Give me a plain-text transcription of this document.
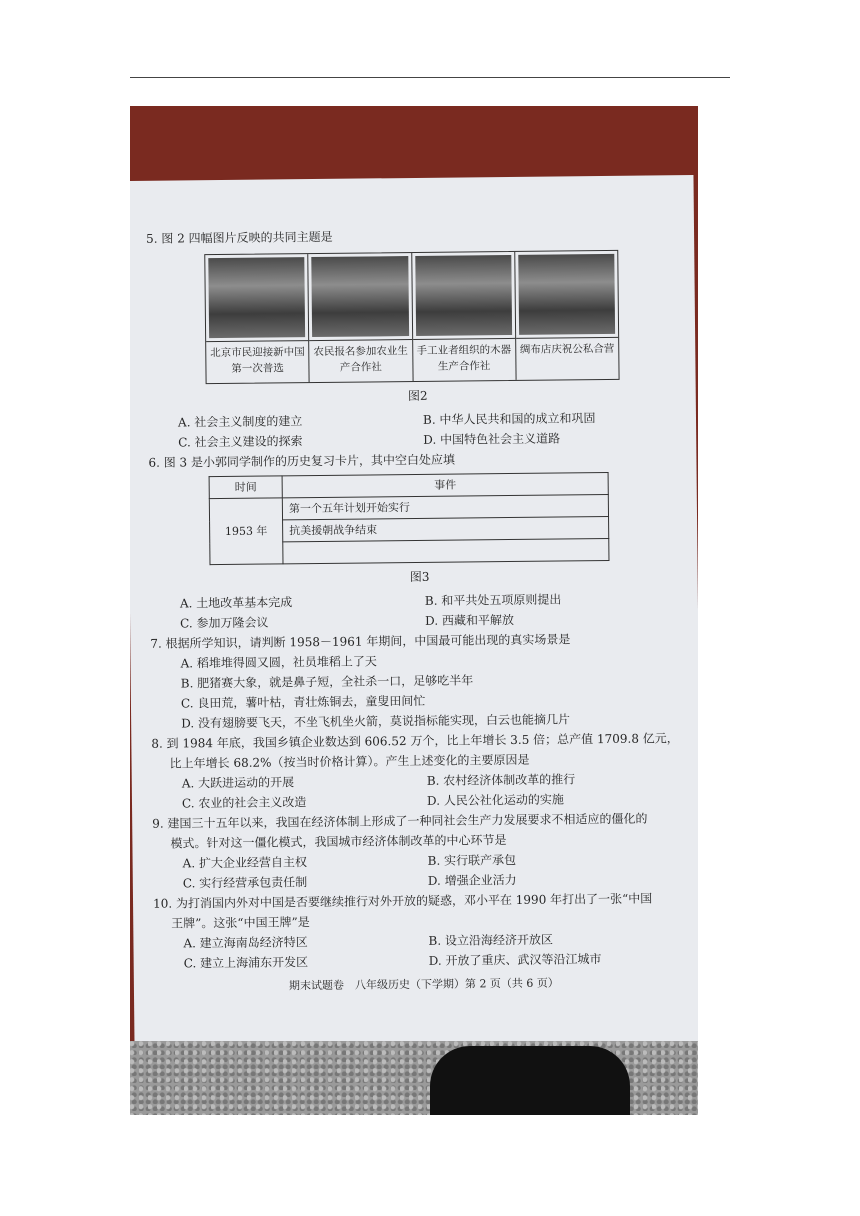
5. 图 2 四幅图片反映的共同主题是
北京市民迎接新中国第一次普选
农民报名参加农业生产合作社
手工业者组织的木器生产合作社
绸布店庆祝公私合营
图2
A. 社会主义制度的建立	B. 中华人民共和国的成立和巩固
C. 社会主义建设的探索	D. 中国特色社会主义道路
6. 图 3 是小郭同学制作的历史复习卡片，其中空白处应填
时间	事件
1953 年	第一个五年计划开始实行
	抗美援朝战争结束

图3
A. 土地改革基本完成	B. 和平共处五项原则提出
C. 参加万隆会议	D. 西藏和平解放
7. 根据所学知识，请判断 1958－1961 年期间，中国最可能出现的真实场景是
A. 稻堆堆得圆又圆，社员堆稻上了天
B. 肥猪赛大象，就是鼻子短，全社杀一口，足够吃半年
C. 良田荒，薯叶枯，青壮炼铜去，童叟田间忙
D. 没有翅膀要飞天，不坐飞机坐火箭，莫说指标能实现，白云也能摘几片
8. 到 1984 年底，我国乡镇企业数达到 606.52 万个，比上年增长 3.5 倍；总产值 1709.8 亿元，
比上年增长 68.2%（按当时价格计算）。产生上述变化的主要原因是
A. 大跃进运动的开展	B. 农村经济体制改革的推行
C. 农业的社会主义改造	D. 人民公社化运动的实施
9. 建国三十五年以来，我国在经济体制上形成了一种同社会生产力发展要求不相适应的僵化的
模式。针对这一僵化模式，我国城市经济体制改革的中心环节是
A. 扩大企业经营自主权	B. 实行联产承包
C. 实行经营承包责任制	D. 增强企业活力
10. 为打消国内外对中国是否要继续推行对外开放的疑惑，邓小平在 1990 年打出了一张“中国
王牌”。这张“中国王牌”是
A. 建立海南岛经济特区	B. 设立沿海经济开放区
C. 建立上海浦东开发区	D. 开放了重庆、武汉等沿江城市
期末试题卷　八年级历史（下学期）第 2 页（共 6 页）
